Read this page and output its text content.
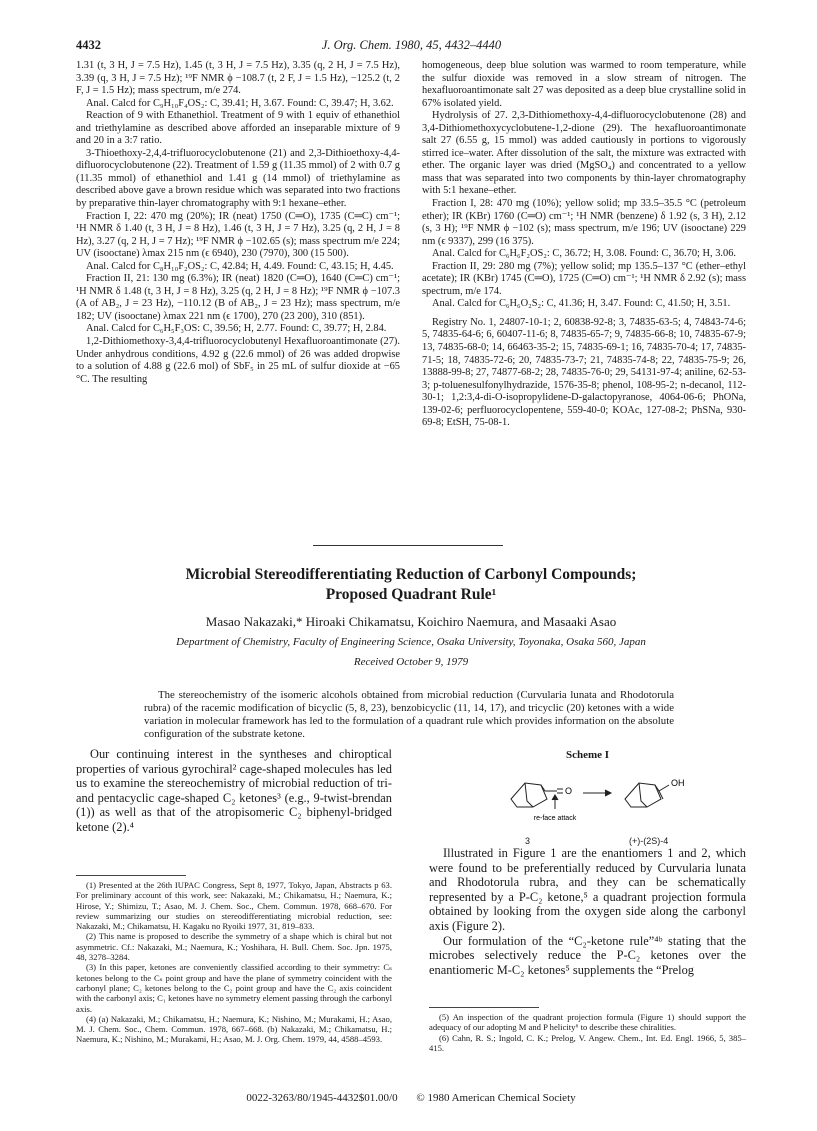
4432	J. Org. Chem. 1980, 45, 4432–4440

1.31 (t, 3 H, J = 7.5 Hz), 1.45 (t, 3 H, J = 7.5 Hz), 3.35 (q, 2 H, J = 7.5 Hz), 3.39 (q, 3 H, J = 7.5 Hz); ¹⁹F NMR ϕ −108.7 (t, 2 F, J = 1.5 Hz), −125.2 (t, 2 F, J = 1.5 Hz); mass spectrum, m/e 274.

Anal. Calcd for C₉H₁₀F₄OS₂: C, 39.41; H, 3.67. Found: C, 39.47; H, 3.62.

Reaction of 9 with Ethanethiol. Treatment of 9 with 1 equiv of ethanethiol and triethylamine as described above afforded an inseparable mixture of 9 and 20 in a 3:7 ratio.

3-Thioethoxy-2,4,4-trifluorocyclobutenone (21) and 2,3-Dithioethoxy-4,4-difluorocyclobutenone (22). Treatment of 1.59 g (11.35 mmol) of 2 with 0.7 g (11.35 mmol) of ethanethiol and 1.41 g (14 mmol) of triethylamine as described above gave a brown residue which was separated into two fractions by preparative thin-layer chromatography with 9:1 hexane–ether.

Fraction I, 22: 470 mg (20%); IR (neat) 1750 (C═O), 1735 (C═C) cm⁻¹; ¹H NMR δ 1.40 (t, 3 H, J = 8 Hz), 1.46 (t, 3 H, J = 7 Hz), 3.25 (q, 2 H, J = 8 Hz), 3.27 (q, 2 H, J = 7 Hz); ¹⁹F NMR ϕ −102.65 (s); mass spectrum m/e 224; UV (isooctane) λmax 215 nm (ϵ 6940), 230 (7970), 300 (15 500).

Anal. Calcd for C₈H₁₀F₂OS₂: C, 42.84; H, 4.49. Found: C, 43.15; H, 4.45.

Fraction II, 21: 130 mg (6.3%); IR (neat) 1820 (C═O), 1640 (C═C) cm⁻¹; ¹H NMR δ 1.48 (t, 3 H, J = 8 Hz), 3.25 (q, 2 H, J = 8 Hz); ¹⁹F NMR ϕ −107.3 (A of AB₂, J = 23 Hz), −110.12 (B of AB₂, J = 23 Hz); mass spectrum, m/e 182; UV (isooctane) λmax 221 nm (ϵ 1700), 270 (23 200), 310 (851).

Anal. Calcd for C₆H₅F₃OS: C, 39.56; H, 2.77. Found: C, 39.77; H, 2.84.

1,2-Dithiomethoxy-3,4,4-trifluorocyclobutenyl Hexafluoroantimonate (27). Under anhydrous conditions, 4.92 g (22.6 mmol) of 26 was added dropwise to a solution of 4.88 g (22.6 mol) of SbF₅ in 25 mL of sulfur dioxide at −65 °C. The resulting

homogeneous, deep blue solution was warmed to room temperature, while the sulfur dioxide was removed in a slow stream of nitrogen. The hexafluoroantimonate salt 27 was deposited as a deep blue crystalline solid in 67% isolated yield.

Hydrolysis of 27. 2,3-Dithiomethoxy-4,4-difluorocyclobutenone (28) and 3,4-Dithiomethoxycyclobutene-1,2-dione (29). The hexafluoroantimonate salt 27 (6.55 g, 15 mmol) was added cautiously in portions to vigorously stirred ice–water. After dissolution of the salt, the mixture was extracted with ether. The organic layer was dried (MgSO₄) and concentrated to a yellow mass that was separated into two components by thin-layer chromatography with 5:1 hexane–ether.

Fraction I, 28: 470 mg (10%); yellow solid; mp 33.5–35.5 °C (petroleum ether); IR (KBr) 1760 (C═O) cm⁻¹; ¹H NMR (benzene) δ 1.92 (s, 3 H), 2.12 (s, 3 H); ¹⁹F NMR ϕ −102 (s); mass spectrum, m/e 196; UV (isooctane) 229 nm (ϵ 9337), 299 (16 375).

Anal. Calcd for C₆H₆F₂OS₂: C, 36.72; H, 3.08. Found: C, 36.70; H, 3.06.

Fraction II, 29: 280 mg (7%); yellow solid; mp 135.5–137 °C (ether–ethyl acetate); IR (KBr) 1745 (C═O), 1725 (C═O) cm⁻¹; ¹H NMR δ 2.92 (s); mass spectrum, m/e 174.

Anal. Calcd for C₆H₆O₂S₂: C, 41.36; H, 3.47. Found: C, 41.50; H, 3.51.

Registry No. 1, 24807-10-1; 2, 60838-92-8; 3, 74835-63-5; 4, 74843-74-6; 5, 74835-64-6; 6, 60407-11-6; 8, 74835-65-7; 9, 74835-66-8; 10, 74835-67-9; 13, 74835-68-0; 14, 66463-35-2; 15, 74835-69-1; 16, 74835-70-4; 17, 74835-71-5; 18, 74835-72-6; 20, 74835-73-7; 21, 74835-74-8; 22, 74835-75-9; 26, 13888-99-8; 27, 74877-68-2; 28, 74835-76-0; 29, 54131-97-4; aniline, 62-53-3; p-toluenesulfonylhydrazide, 1576-35-8; phenol, 108-95-2; n-decanol, 112-30-1; 1,2:3,4-di-O-isopropylidene-D-galactopyranose, 4064-06-6; PhONa, 139-02-6; perfluorocyclopentene, 559-40-0; KOAc, 127-08-2; PhSNa, 930-69-8; EtSH, 75-08-1.

Microbial Stereodifferentiating Reduction of Carbonyl Compounds;
Proposed Quadrant Rule¹
Masao Nakazaki,* Hiroaki Chikamatsu, Koichiro Naemura, and Masaaki Asao
Department of Chemistry, Faculty of Engineering Science, Osaka University, Toyonaka, Osaka 560, Japan
Received October 9, 1979
The stereochemistry of the isomeric alcohols obtained from microbial reduction (Curvularia lunata and Rhodotorula rubra) of the racemic modification of bicyclic (5, 8, 23), benzobicyclic (11, 14, 17), and tricyclic (20) ketones with a wide variation in molecular framework has led to the formulation of a quadrant rule which provides information on the absolute configuration of the substrate ketone.
Our continuing interest in the syntheses and chiroptical properties of various gyrochiral² cage-shaped molecules has led us to examine the stereochemistry of microbial reduction of tri- and pentacyclic cage-shaped C₂ ketones³ (e.g., 9-twist-brendan (1)) as well as that of the atropisomeric C₂ biphenyl-bridged ketone (2).⁴

(1) Presented at the 26th IUPAC Congress, Sept 8, 1977, Tokyo, Japan, Abstracts p 63. For preliminary account of this work, see: Nakazaki, M.; Chikamatsu, H.; Naemura, K.; Hirose, Y.; Shimizu, T.; Asao, M. J. Chem. Soc., Chem. Commun. 1978, 668–670. For review summarizing our studies on stereodifferentiating microbial reduction, see: Nakazaki, M.; Chikamatsu, H. Kagaku no Ryoiki 1977, 31, 819–833.

(2) This name is proposed to describe the symmetry of a shape which is chiral but not asymmetric. Cf.: Nakazaki, M.; Naemura, K.; Yoshihara, H. Bull. Chem. Soc. Jpn. 1975, 48, 3278–3284.

(3) In this paper, ketones are conveniently classified according to their symmetry: Cₛ ketones belong to the Cₛ point group and have the plane of symmetry coincident with the carbonyl plane; C₂ ketones belong to the C₂ point group and have the C₂ axis coincident with the carbonyl axis; C₁ ketones have no symmetry element passing through the carbonyl axis.

(4) (a) Nakazaki, M.; Chikamatsu, H.; Naemura, K.; Nishino, M.; Murakami, H.; Asao, M. J. Chem. Soc., Chem. Commun. 1978, 667–668. (b) Nakazaki, M.; Chikamatsu, H.; Naemura, K.; Nishino, M.; Murakami, H.; Asao, M. J. Org. Chem. 1979, 44, 4588–4593.

Scheme I
O
re-face attack
OH
3	(+)-(2S)-4

Illustrated in Figure 1 are the enantiomers 1 and 2, which were found to be preferentially reduced by Curvularia lunata and Rhodotorula rubra, and they can be schematically represented by a P-C₂ ketone,⁵ a quadrant projection formula obtained by looking from the oxygen side along the carbonyl axis (Figure 2).

Our formulation of the “C₂-ketone rule”⁴ᵇ stating that the microbes selectively reduce the P-C₂ ketones over the enantiomeric M-C₂ ketones⁵ supplements the “Prelog

(5) An inspection of the quadrant projection formula (Figure 1) should support the adequacy of our adopting M and P helicity⁶ to describe these chiralities.

(6) Cahn, R. S.; Ingold, C. K.; Prelog, V. Angew. Chem., Int. Ed. Engl. 1966, 5, 385–415.

0022-3263/80/1945-4432$01.00/0 © 1980 American Chemical Society
